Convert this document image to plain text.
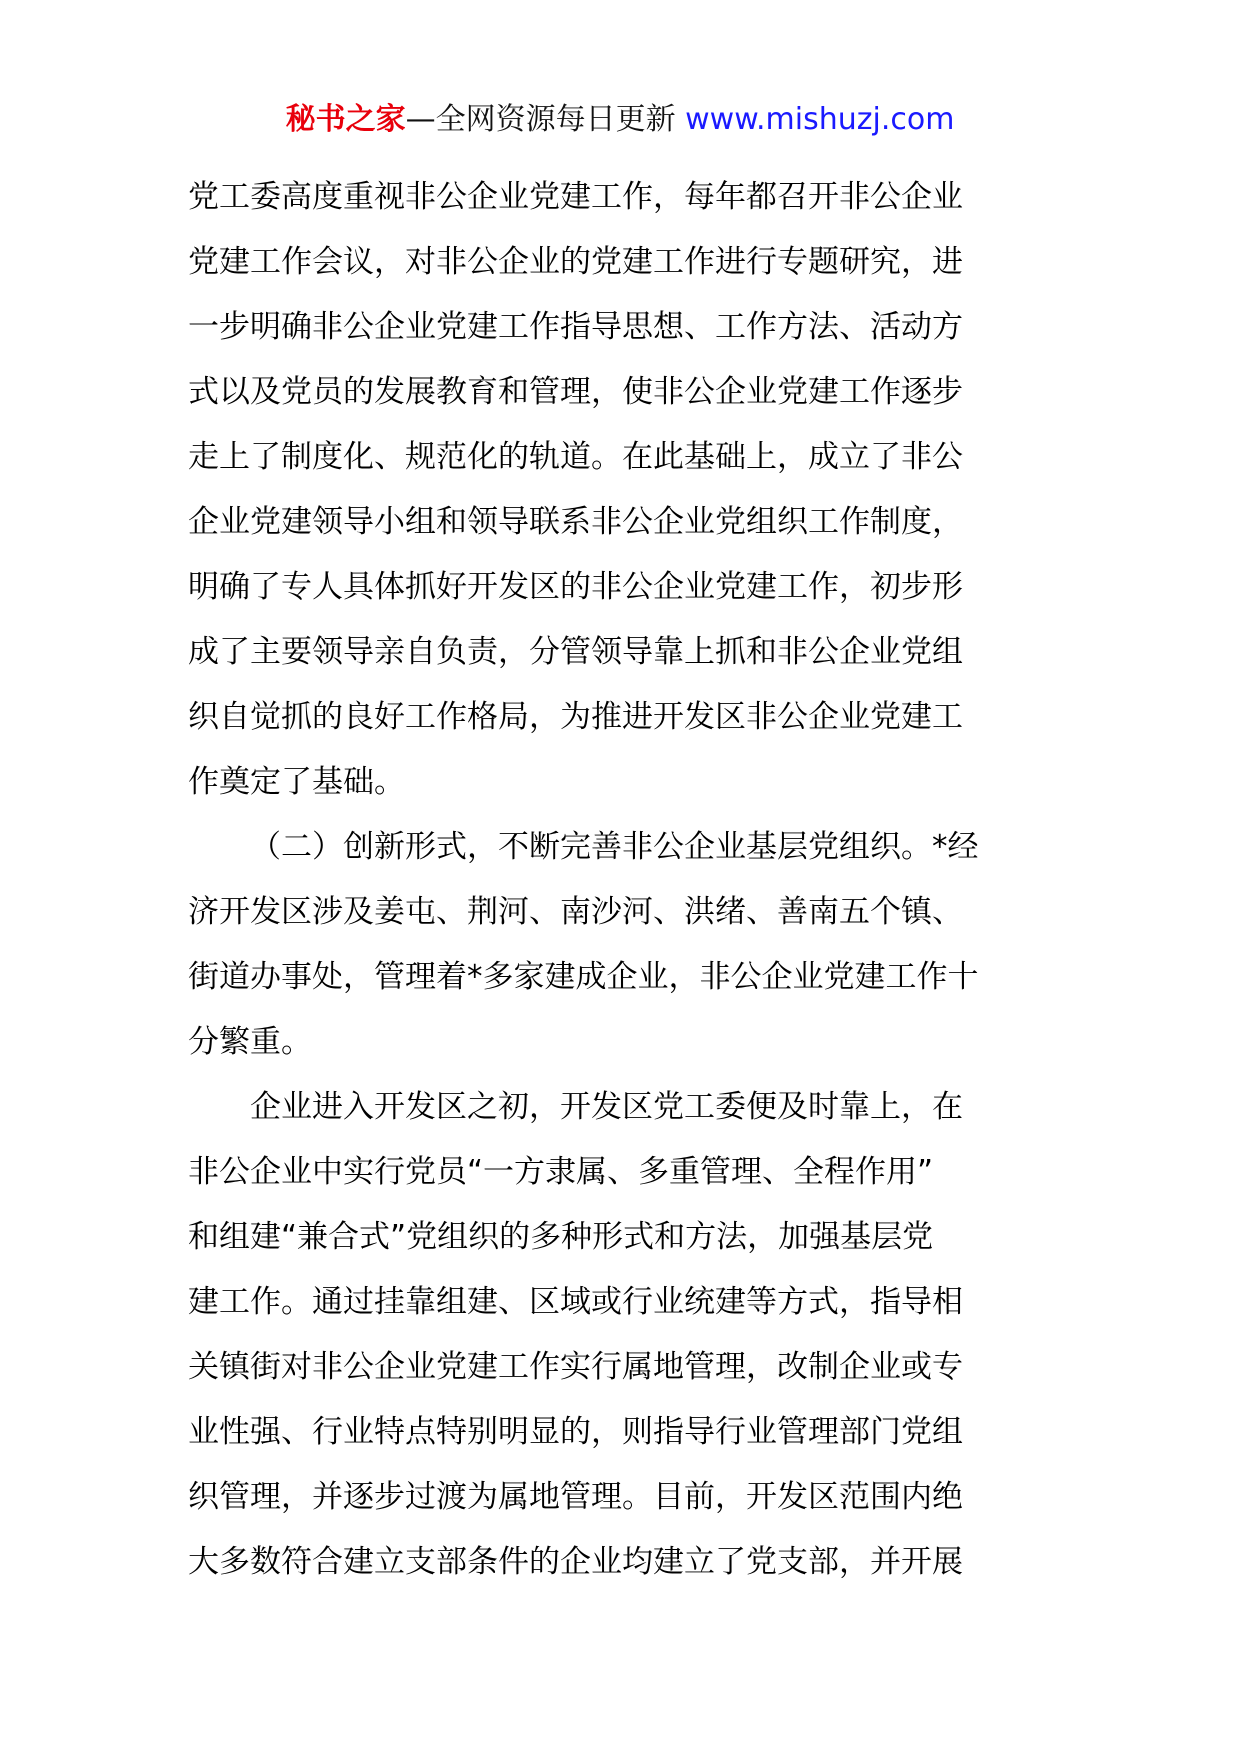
秘书之家—全网资源每日更新 www.mishuzj.com
党工委高度重视非公企业党建工作，每年都召开非公企业
党建工作会议，对非公企业的党建工作进行专题研究，进
一步明确非公企业党建工作指导思想、工作方法、活动方
式以及党员的发展教育和管理，使非公企业党建工作逐步
走上了制度化、规范化的轨道。在此基础上，成立了非公
企业党建领导小组和领导联系非公企业党组织工作制度，
明确了专人具体抓好开发区的非公企业党建工作，初步形
成了主要领导亲自负责，分管领导靠上抓和非公企业党组
织自觉抓的良好工作格局，为推进开发区非公企业党建工
作奠定了基础。
（二）创新形式，不断完善非公企业基层党组织。*经
济开发区涉及姜屯、荆河、南沙河、洪绪、善南五个镇、
街道办事处，管理着*多家建成企业，非公企业党建工作十
分繁重。
企业进入开发区之初，开发区党工委便及时靠上，在
非公企业中实行党员“一方隶属、多重管理、全程作用”
和组建“兼合式”党组织的多种形式和方法，加强基层党
建工作。通过挂靠组建、区域或行业统建等方式，指导相
关镇街对非公企业党建工作实行属地管理，改制企业或专
业性强、行业特点特别明显的，则指导行业管理部门党组
织管理，并逐步过渡为属地管理。目前，开发区范围内绝
大多数符合建立支部条件的企业均建立了党支部，并开展
